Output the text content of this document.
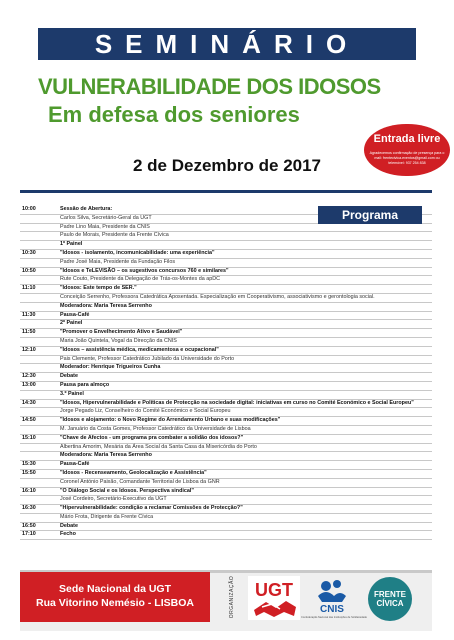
SEMINÁRIO
VULNERABILIDADE DOS IDOSOS
Em defesa dos seniores
Entrada livre
Agradecemos confirmação de presença para o mail: frentecivica.eventos@gmail.com ou telemóvel: 937 254 838
2 de Dezembro de 2017
10:00	Sessão de Abertura:
Carlos Silva, Secretário-Geral da UGT
Padre Lino Maia, Presidente da CNIS
Paulo de Morais, Presidente da Frente Cívica
1º Painel
10:30	"Idosos - isolamento, incomunicabilidade: uma experiência"
Padre José Maia, Presidente da Fundação Filos
10:50	"Idosos e TeLEVISÃO – os sugestivos concursos 760 e similares"
Rute Couto, Presidente da Delegação de Trás-os-Montes da apDC
11:10	"Idosos: Este tempo de SER."
Conceição Serrenho, Professora Catedrática Aposentada. Especialização em Cooperativismo, associativismo e gerontologia social.
Moderadora: Maria Teresa Serrenho
11:30	Pausa-Café
2º Painel
11:50	"Promover o Envelhecimento Ativo e Saudável"
Maria João Quintela, Vogal da Direcção da CNIS
12:10	"Idosos – assistência médica, medicamentosa e ocupacional"
Pais Clemente, Professor Catedrático Jubilado da Universidade do Porto
Moderador: Henrique Trigueiros Cunha
12:30	Debate
13:00	Pausa para almoço
3.º Painel
14:30	"Idosos, Hipervulnerabilidade e Políticas de Protecção na sociedade digital: iniciativas em curso no Comité Económico e Social Europeu"
Jorge Pegado Liz, Conselheiro do Comité Económico e Social Europeu
14:50	"Idosos e alojamento: o Novo Regime do Arrendamento Urbano e suas modificações"
M. Januário da Costa Gomes, Professor Catedrático da Universidade de Lisboa
15:10	"Chave de Afectos - um programa pra combater a solidão dos idosos?"
Albertina Amorim, Mesária da Área Social da Santa Casa da Misericórdia do Porto
Moderadora: Maria Teresa Serrenho
15:30	Pausa-Café
15:50	"Idosos - Recenseamento, Geolocalização e Assistência"
Coronel António Paixão, Comandante Territorial de Lisboa da GNR
16:10	"O Diálogo Social e os Idosos. Perspectiva sindical"
José Cordeiro, Secretário-Executivo da UGT
16:30	"Hipervulnerabilidade: condição a reclamar Comissões de Protecção?"
Mário Frota, Dirigente da Frente Cívica
16:50	Debate
17:10	Fecho
Programa
Sede Nacional da UGT
Rua Vitorino Nemésio - LISBOA	ORGANIZAÇÃO UGT
CNIS
Confederação Nacional das Instituições de Solidariedade
FRENTE
CÍVICA
